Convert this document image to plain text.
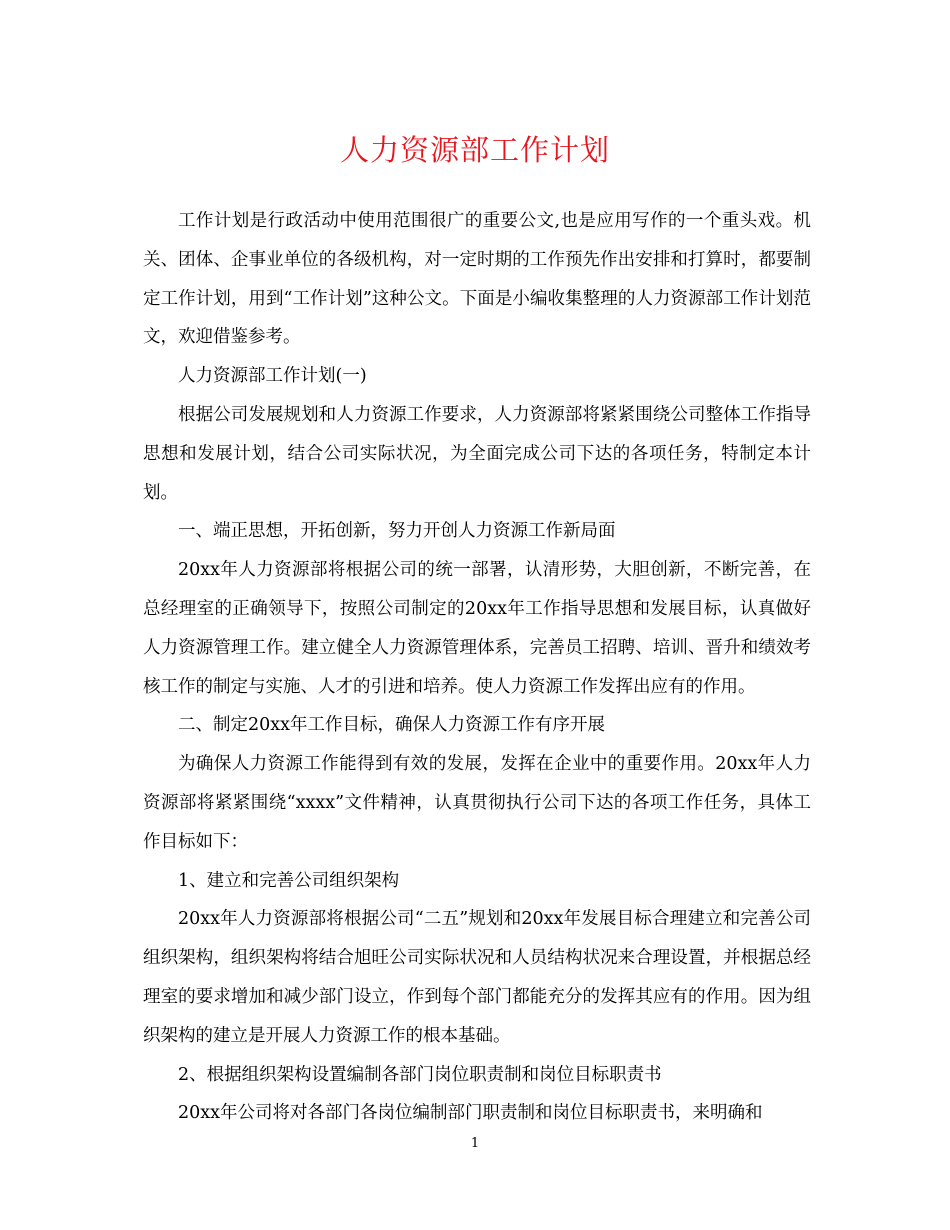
人力资源部工作计划

工作计划是行政活动中使用范围很广的重要公文,也是应用写作的一个重头戏。机关、团体、企事业单位的各级机构，对一定时期的工作预先作出安排和打算时，都要制定工作计划，用到“工作计划”这种公文。下面是小编收集整理的人力资源部工作计划范文，欢迎借鉴参考。

人力资源部工作计划(一)

根据公司发展规划和人力资源工作要求，人力资源部将紧紧围绕公司整体工作指导思想和发展计划，结合公司实际状况，为全面完成公司下达的各项任务，特制定本计划。

一、端正思想，开拓创新，努力开创人力资源工作新局面

20xx年人力资源部将根据公司的统一部署，认清形势，大胆创新，不断完善，在总经理室的正确领导下，按照公司制定的20xx年工作指导思想和发展目标，认真做好人力资源管理工作。建立健全人力资源管理体系，完善员工招聘、培训、晋升和绩效考核工作的制定与实施、人才的引进和培养。使人力资源工作发挥出应有的作用。

二、制定20xx年工作目标，确保人力资源工作有序开展

为确保人力资源工作能得到有效的发展，发挥在企业中的重要作用。20xx年人力资源部将紧紧围绕“xxxx”文件精神，认真贯彻执行公司下达的各项工作任务，具体工作目标如下：

1、建立和完善公司组织架构

20xx年人力资源部将根据公司“二五”规划和20xx年发展目标合理建立和完善公司组织架构，组织架构将结合旭旺公司实际状况和人员结构状况来合理设置，并根据总经理室的要求增加和减少部门设立，作到每个部门都能充分的发挥其应有的作用。因为组织架构的建立是开展人力资源工作的根本基础。

2、根据组织架构设置编制各部门岗位职责制和岗位目标职责书

20xx年公司将对各部门各岗位编制部门职责制和岗位目标职责书，来明确和

1
